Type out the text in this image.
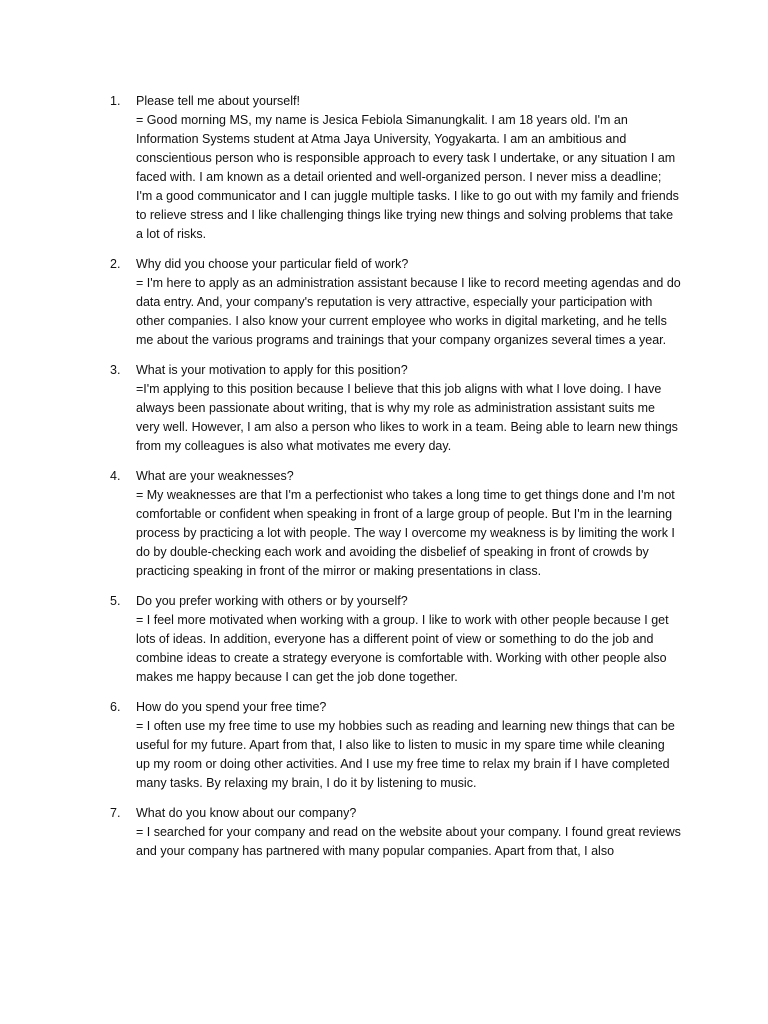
1.	Please tell me about yourself!
= Good morning MS, my name is Jesica Febiola Simanungkalit. I am 18 years old. I'm an Information Systems student at Atma Jaya University, Yogyakarta. I am an ambitious and conscientious person who is responsible approach to every task I undertake, or any situation I am faced with. I am known as a detail oriented and well-organized person. I never miss a deadline; I'm a good communicator and I can juggle multiple tasks. I like to go out with my family and friends to relieve stress and I like challenging things like trying new things and solving problems that take a lot of risks.
2.	Why did you choose your particular field of work?
= I'm here to apply as an administration assistant because I like to record meeting agendas and do data entry. And, your company's reputation is very attractive, especially your participation with other companies. I also know your current employee who works in digital marketing, and he tells me about the various programs and trainings that your company organizes several times a year.
3.	What is your motivation to apply for this position?
=I'm applying to this position because I believe that this job aligns with what I love doing. I have always been passionate about writing, that is why my role as administration assistant suits me very well. However, I am also a person who likes to work in a team. Being able to learn new things from my colleagues is also what motivates me every day.
4.	What are your weaknesses?
= My weaknesses are that I'm a perfectionist who takes a long time to get things done and I'm not comfortable or confident when speaking in front of a large group of people. But I'm in the learning process by practicing a lot with people. The way I overcome my weakness is by limiting the work I do by double-checking each work and avoiding the disbelief of speaking in front of crowds by practicing speaking in front of the mirror or making presentations in class.
5.	Do you prefer working with others or by yourself?
= I feel more motivated when working with a group. I like to work with other people because I get lots of ideas. In addition, everyone has a different point of view or something to do the job and combine ideas to create a strategy everyone is comfortable with. Working with other people also makes me happy because I can get the job done together.
6.	How do you spend your free time?
= I often use my free time to use my hobbies such as reading and learning new things that can be useful for my future. Apart from that, I also like to listen to music in my spare time while cleaning up my room or doing other activities. And I use my free time to relax my brain if I have completed many tasks. By relaxing my brain, I do it by listening to music.
7.	What do you know about our company?
= I searched for your company and read on the website about your company. I found great reviews and your company has partnered with many popular companies. Apart from that, I also
